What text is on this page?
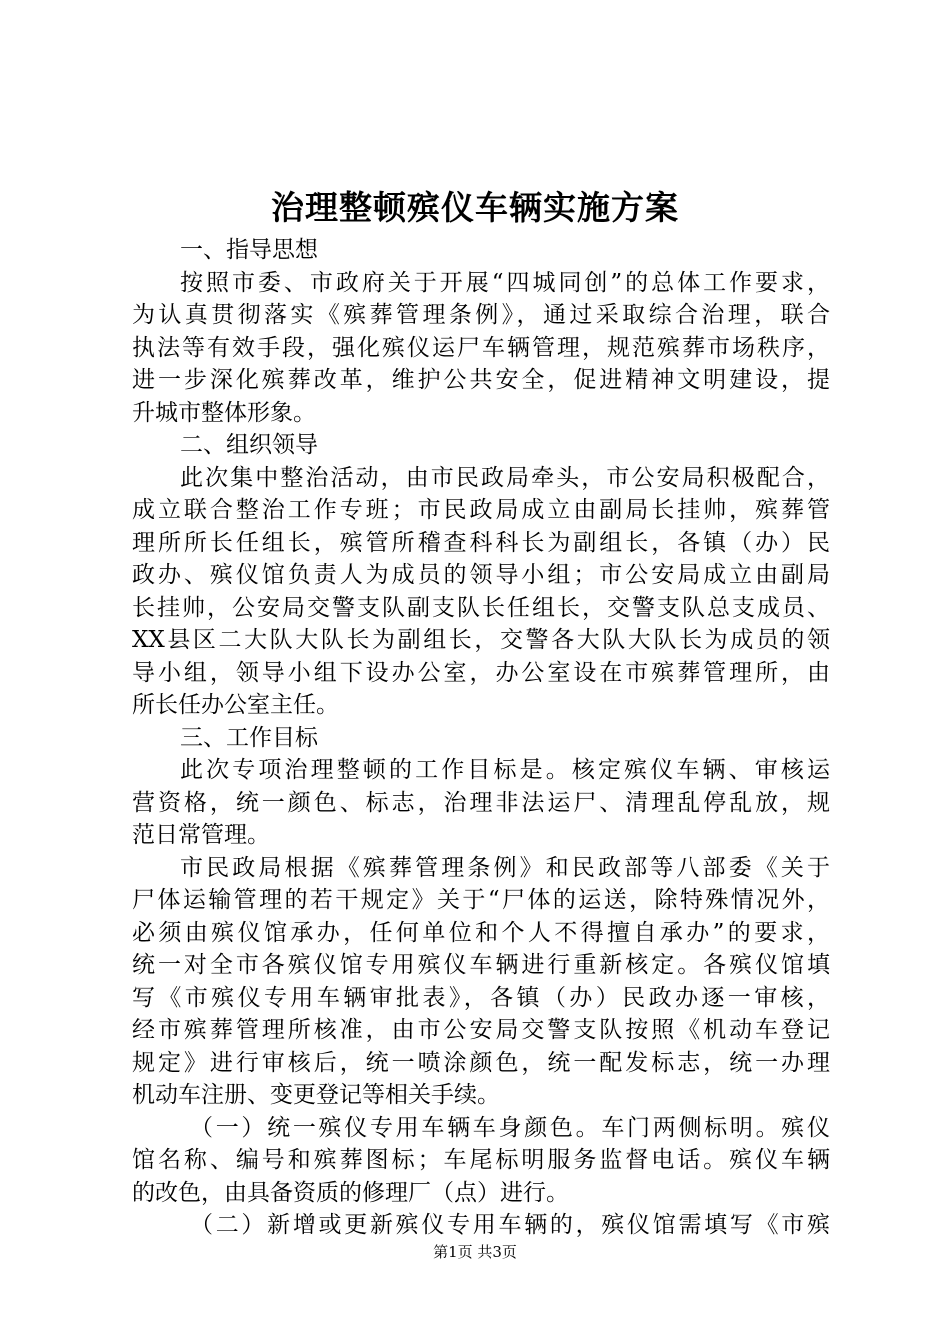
治理整顿殡仪车辆实施方案
一、指导思想
按照市委、市政府关于开展“四城同创”的总体工作要求，
为认真贯彻落实《殡葬管理条例》，通过采取综合治理，联合
执法等有效手段，强化殡仪运尸车辆管理，规范殡葬市场秩序，
进一步深化殡葬改革，维护公共安全，促进精神文明建设，提
升城市整体形象。
二、组织领导
此次集中整治活动，由市民政局牵头，市公安局积极配合，
成立联合整治工作专班；市民政局成立由副局长挂帅，殡葬管
理所所长任组长，殡管所稽查科科长为副组长，各镇（办）民
政办、殡仪馆负责人为成员的领导小组；市公安局成立由副局
长挂帅，公安局交警支队副支队长任组长，交警支队总支成员、
XX县区二大队大队长为副组长，交警各大队大队长为成员的领
导小组，领导小组下设办公室，办公室设在市殡葬管理所，由
所长任办公室主任。
三、工作目标
此次专项治理整顿的工作目标是。核定殡仪车辆、审核运
营资格，统一颜色、标志，治理非法运尸、清理乱停乱放，规
范日常管理。
市民政局根据《殡葬管理条例》和民政部等八部委《关于
尸体运输管理的若干规定》关于“尸体的运送，除特殊情况外，
必须由殡仪馆承办，任何单位和个人不得擅自承办”的要求，
统一对全市各殡仪馆专用殡仪车辆进行重新核定。各殡仪馆填
写《市殡仪专用车辆审批表》，各镇（办）民政办逐一审核，
经市殡葬管理所核准，由市公安局交警支队按照《机动车登记
规定》进行审核后，统一喷涂颜色，统一配发标志，统一办理
机动车注册、变更登记等相关手续。
（一）统一殡仪专用车辆车身颜色。车门两侧标明。殡仪
馆名称、编号和殡葬图标；车尾标明服务监督电话。殡仪车辆
的改色，由具备资质的修理厂（点）进行。
（二）新增或更新殡仪专用车辆的，殡仪馆需填写《市殡
第1页 共3页
